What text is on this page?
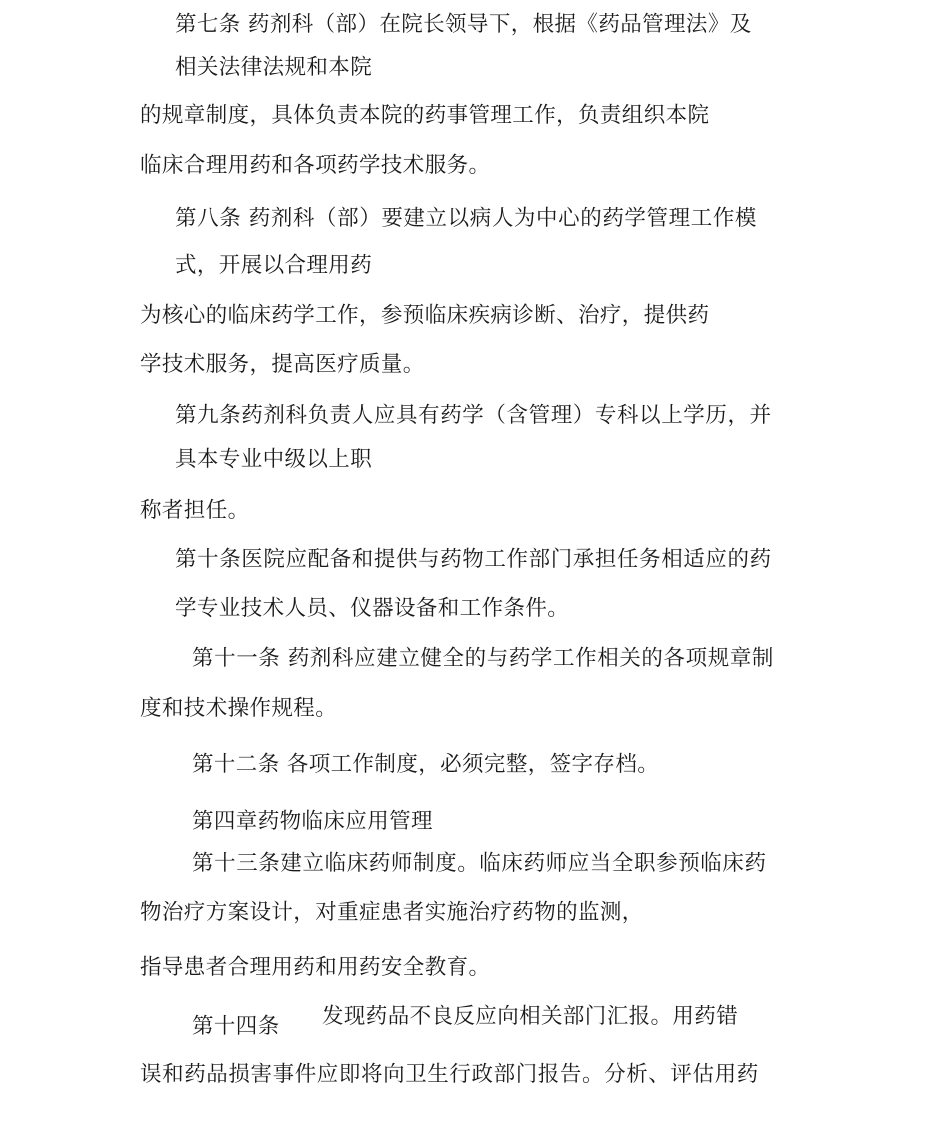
第七条 药剂科（部）在院长领导下，根据《药品管理法》及
相关法律法规和本院
的规章制度，具体负责本院的药事管理工作，负责组织本院
临床合理用药和各项药学技术服务。
第八条 药剂科（部）要建立以病人为中心的药学管理工作模
式，开展以合理用药
为核心的临床药学工作，参预临床疾病诊断、治疗，提供药
学技术服务，提高医疗质量。
第九条药剂科负责人应具有药学（含管理）专科以上学历，并
具本专业中级以上职
称者担任。
第十条医院应配备和提供与药物工作部门承担任务相适应的药
学专业技术人员、仪器设备和工作条件。
第十一条 药剂科应建立健全的与药学工作相关的各项规章制
度和技术操作规程。
第十二条 各项工作制度，必须完整，签字存档。
第四章药物临床应用管理
第十三条建立临床药师制度。临床药师应当全职参预临床药
物治疗方案设计，对重症患者实施治疗药物的监测，
指导患者合理用药和用药安全教育。
第十四条 发现药品不良反应向相关部门汇报。用药错
误和药品损害事件应即将向卫生行政部门报告。分析、评估用药
